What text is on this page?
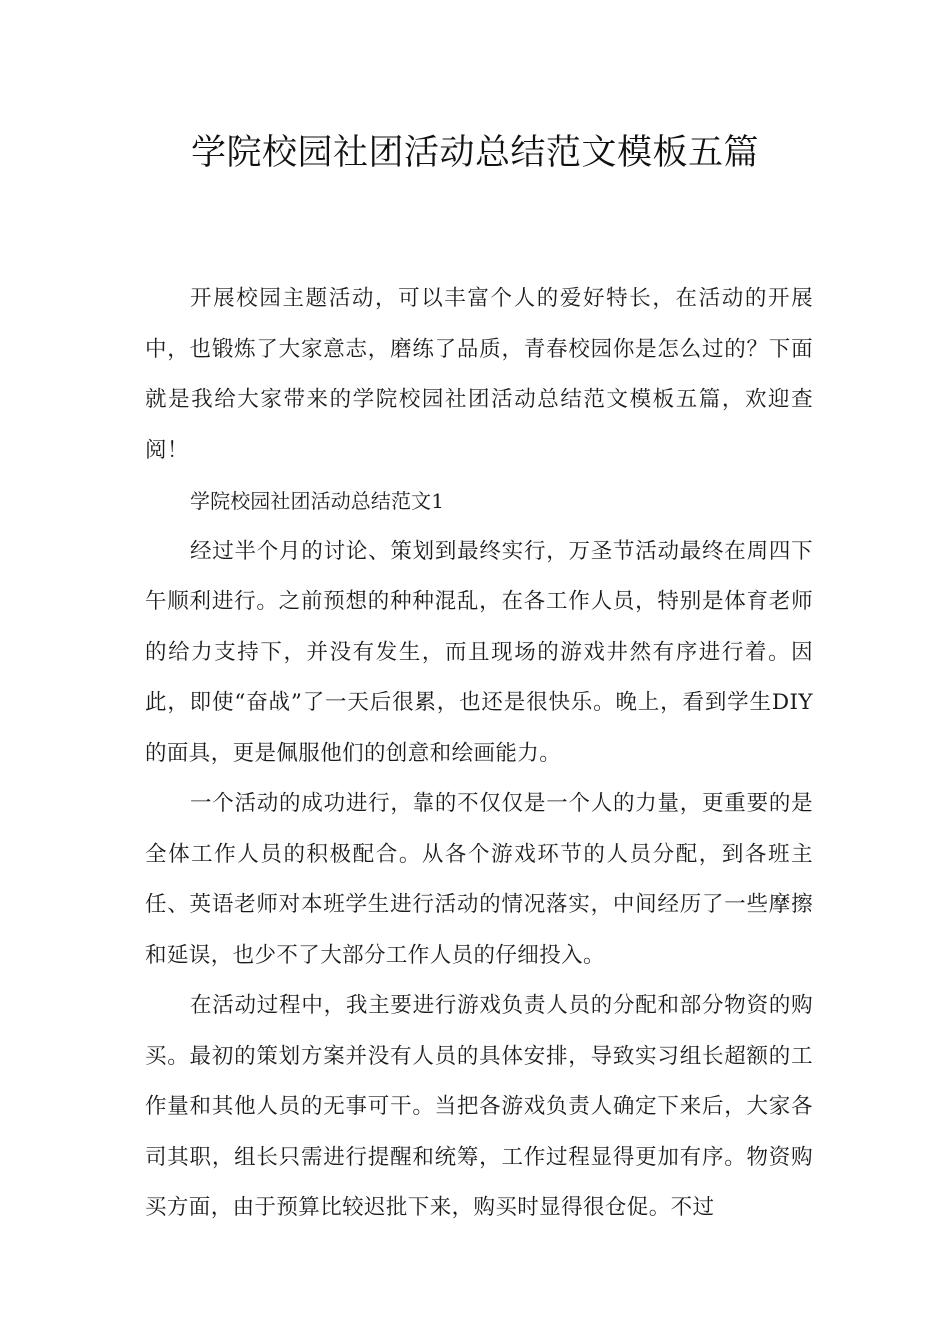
学院校园社团活动总结范文模板五篇

开展校园主题活动，可以丰富个人的爱好特长，在活动的开展中，也锻炼了大家意志，磨练了品质，青春校园你是怎么过的？下面就是我给大家带来的学院校园社团活动总结范文模板五篇，欢迎查阅！

学院校园社团活动总结范文1

经过半个月的讨论、策划到最终实行，万圣节活动最终在周四下午顺利进行。之前预想的种种混乱，在各工作人员，特别是体育老师的给力支持下，并没有发生，而且现场的游戏井然有序进行着。因此，即使“奋战”了一天后很累，也还是很快乐。晚上，看到学生DIY的面具，更是佩服他们的创意和绘画能力。

一个活动的成功进行，靠的不仅仅是一个人的力量，更重要的是全体工作人员的积极配合。从各个游戏环节的人员分配，到各班主任、英语老师对本班学生进行活动的情况落实，中间经历了一些摩擦和延误，也少不了大部分工作人员的仔细投入。

在活动过程中，我主要进行游戏负责人员的分配和部分物资的购买。最初的策划方案并没有人员的具体安排，导致实习组长超额的工作量和其他人员的无事可干。当把各游戏负责人确定下来后，大家各司其职，组长只需进行提醒和统筹，工作过程显得更加有序。物资购买方面，由于预算比较迟批下来，购买时显得很仓促。不过
